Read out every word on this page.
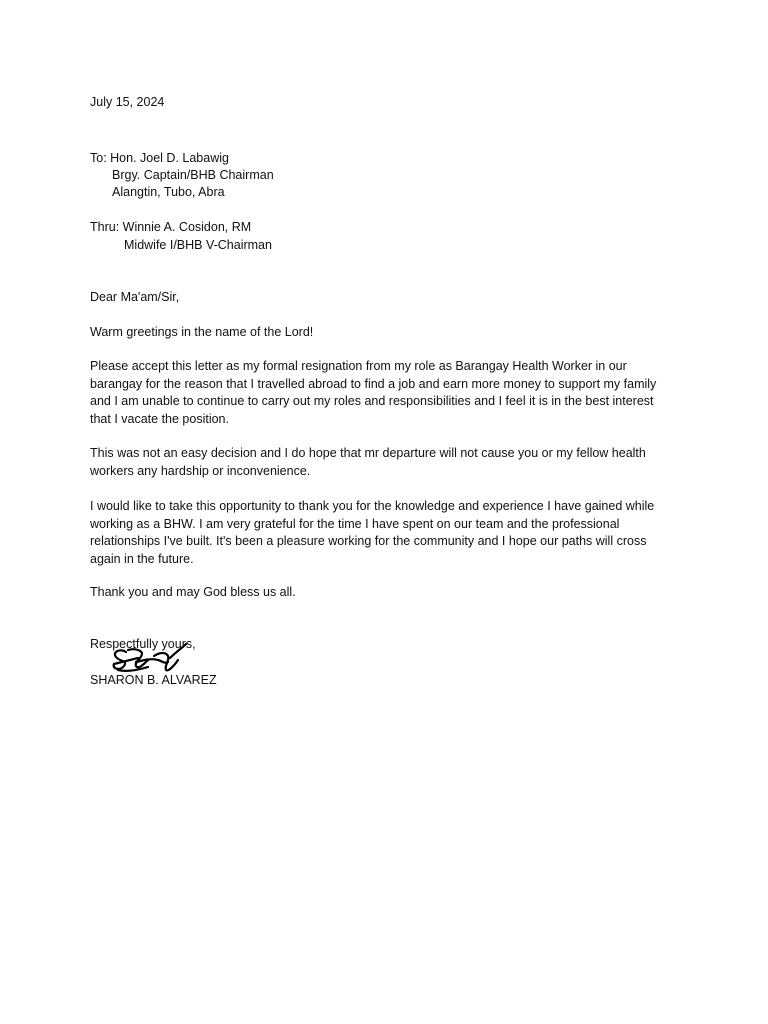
July 15, 2024

To: Hon. Joel D. Labawig

Brgy. Captain/BHB Chairman

Alangtin, Tubo, Abra

Thru: Winnie A. Cosidon, RM

Midwife I/BHB V-Chairman

Dear Ma'am/Sir,

Warm greetings in the name of the Lord!

Please accept this letter as my formal resignation from my role as Barangay Health Worker in our
barangay for the reason that I travelled abroad to find a job and earn more money to support my family
and I am unable to continue to carry out my roles and responsibilities and I feel it is in the best interest
that I vacate the position.
This was not an easy decision and I do hope that mr departure will not cause you or my fellow health
workers any hardship or inconvenience.
I would like to take this opportunity to thank you for the knowledge and experience I have gained while
working as a BHW. I am very grateful for the time I have spent on our team and the professional
relationships I've built. It's been a pleasure working for the community and I hope our paths will cross
again in the future.

Thank you and may God bless us all.

Respectfully yours,

SHARON B. ALVAREZ
